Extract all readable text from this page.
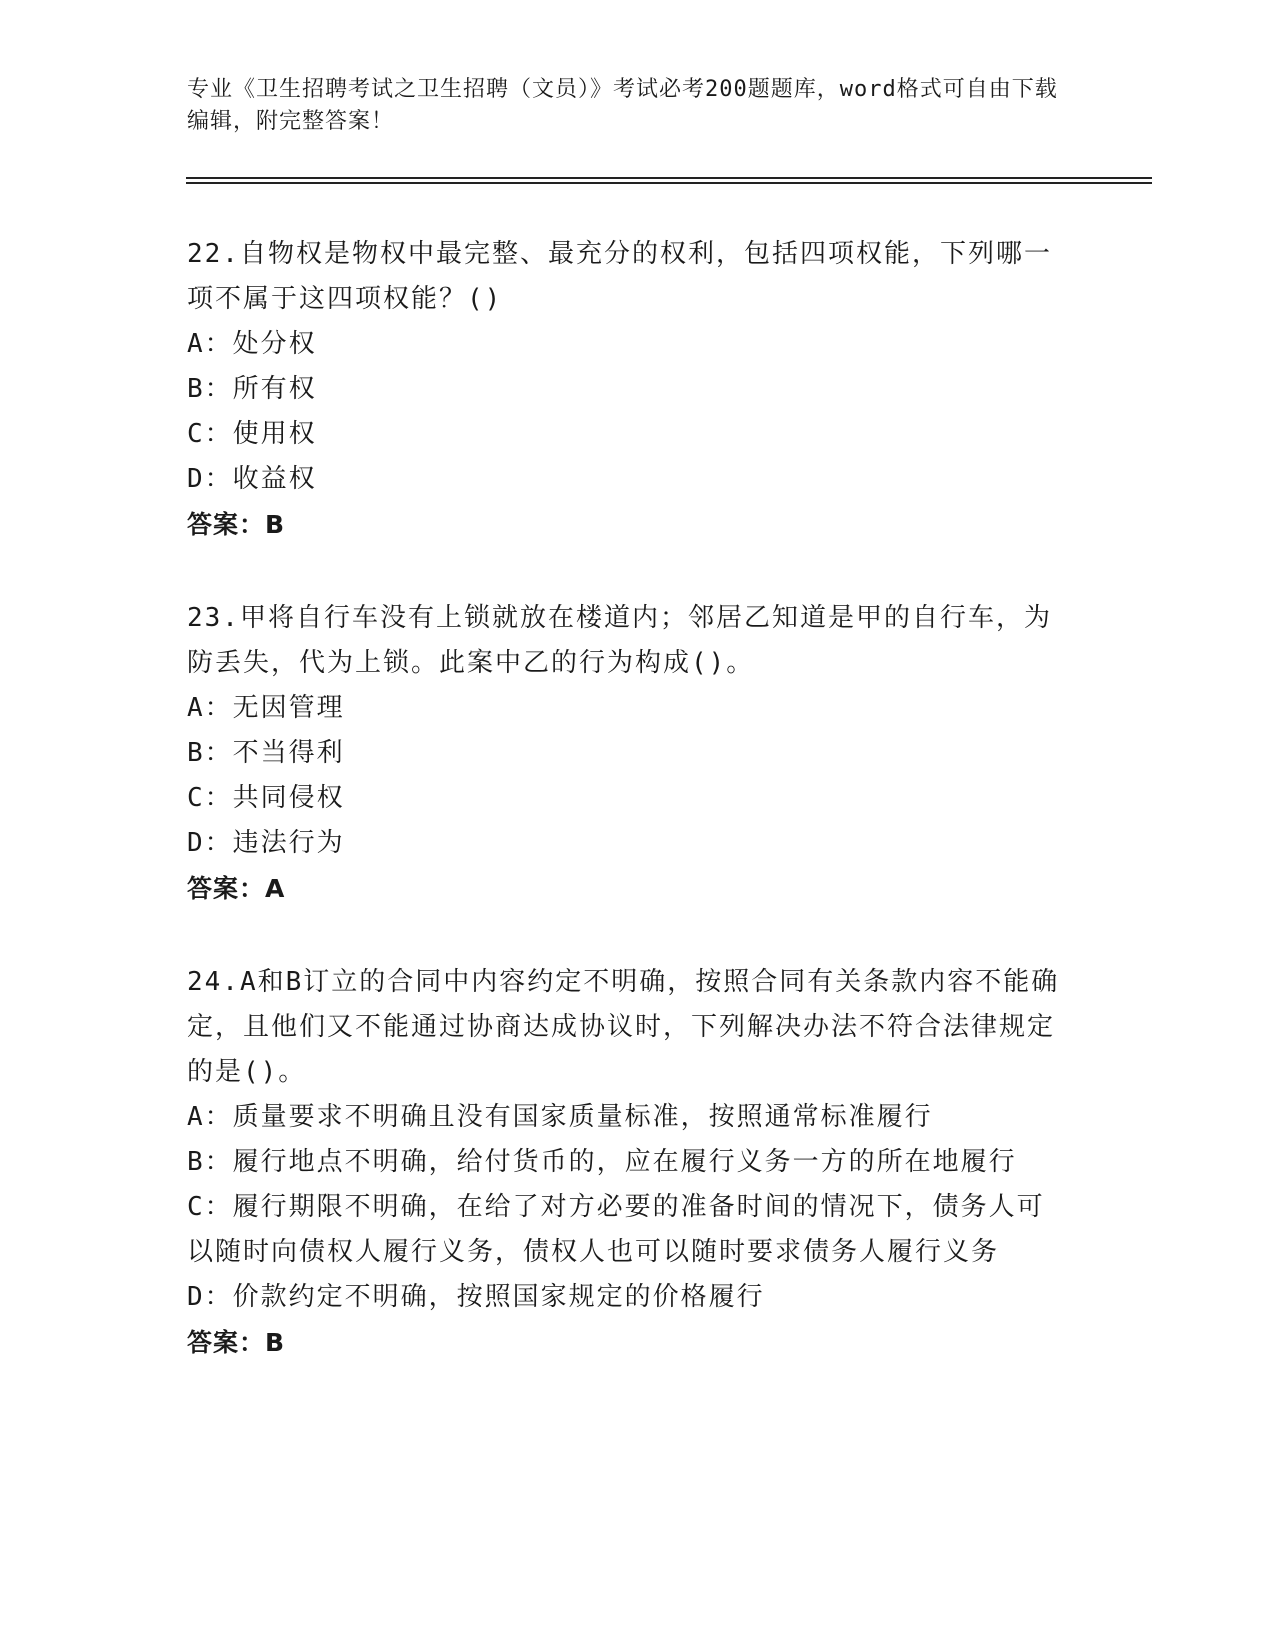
专业《卫生招聘考试之卫生招聘（文员）》考试必考200题题库，word格式可自由下载编辑，附完整答案！

22.自物权是物权中最完整、最充分的权利，包括四项权能，下列哪一项不属于这四项权能？()

A：处分权

B：所有权

C：使用权

D：收益权

答案：B

23.甲将自行车没有上锁就放在楼道内；邻居乙知道是甲的自行车，为防丢失，代为上锁。此案中乙的行为构成()。

A：无因管理

B：不当得利

C：共同侵权

D：违法行为

答案：A

24.A和B订立的合同中内容约定不明确，按照合同有关条款内容不能确定，且他们又不能通过协商达成协议时，下列解决办法不符合法律规定的是()。

A：质量要求不明确且没有国家质量标准，按照通常标准履行

B：履行地点不明确，给付货币的，应在履行义务一方的所在地履行

C：履行期限不明确，在给了对方必要的准备时间的情况下，债务人可以随时向债权人履行义务，债权人也可以随时要求债务人履行义务

D：价款约定不明确，按照国家规定的价格履行

答案：B
